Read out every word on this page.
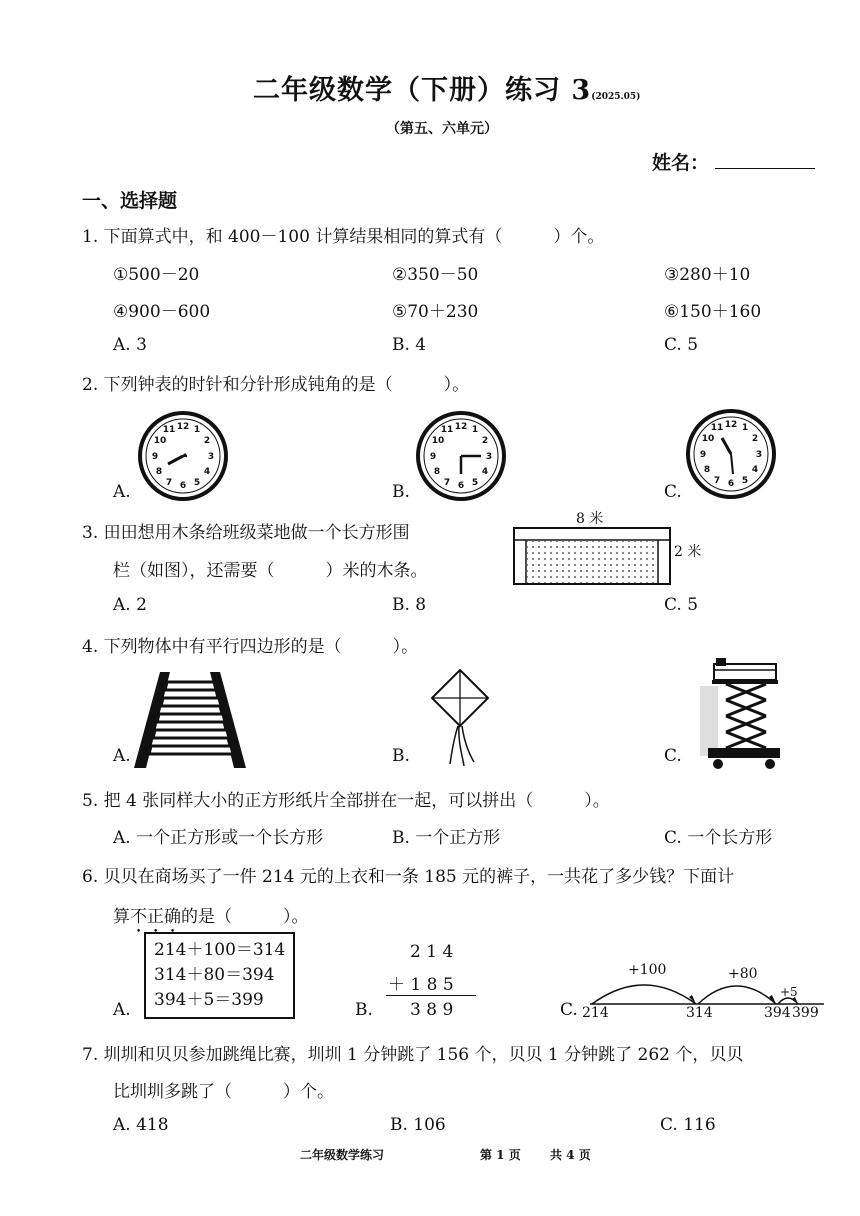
二年级数学（下册）练习 3(2025.05)
（第五、六单元）
姓名：
一、选择题
1. 下面算式中，和 400－100 计算结果相同的算式有（　　　）个。
①500－20	②350－50	③280＋10
④900－600	⑤70＋230	⑥150＋160
A. 3	B. 4	C. 5
2. 下列钟表的时针和分针形成钝角的是（　　　）。
A.	B.	C.
12 1
2
3
4
5
6
7
8
9
10
11	12 1
2
3
4
5
6
7
8
9
10
11	12 1
2
3
4
5
6
7
8
9
10
11
3. 田田想用木条给班级菜地做一个长方形围
栏（如图），还需要（　　　）米的木条。
8 米
2 米
A. 2	B. 8	C. 5
4. 下列物体中有平行四边形的是（　　　）。
A.	B.	C.
5. 把 4 张同样大小的正方形纸片全部拼在一起，可以拼出（　　　）。
A. 一个正方形或一个长方形	B. 一个正方形	C. 一个长方形
6. 贝贝在商场买了一件 214 元的上衣和一条 185 元的裤子，一共花了多少钱？下面计
算不正确的是（　　　）。
A.
214＋100＝314
314＋80＝394
394＋5＝399	B.
2 1 4
＋ 1 8 5
3 8 9	C.
+100	+80
+5
214	314	394 399
7. 圳圳和贝贝参加跳绳比赛，圳圳 1 分钟跳了 156 个，贝贝 1 分钟跳了 262 个，贝贝
比圳圳多跳了（　　　）个。
A. 418	B. 106	C. 116
二年级数学练习	第 1 页 共 4 页
